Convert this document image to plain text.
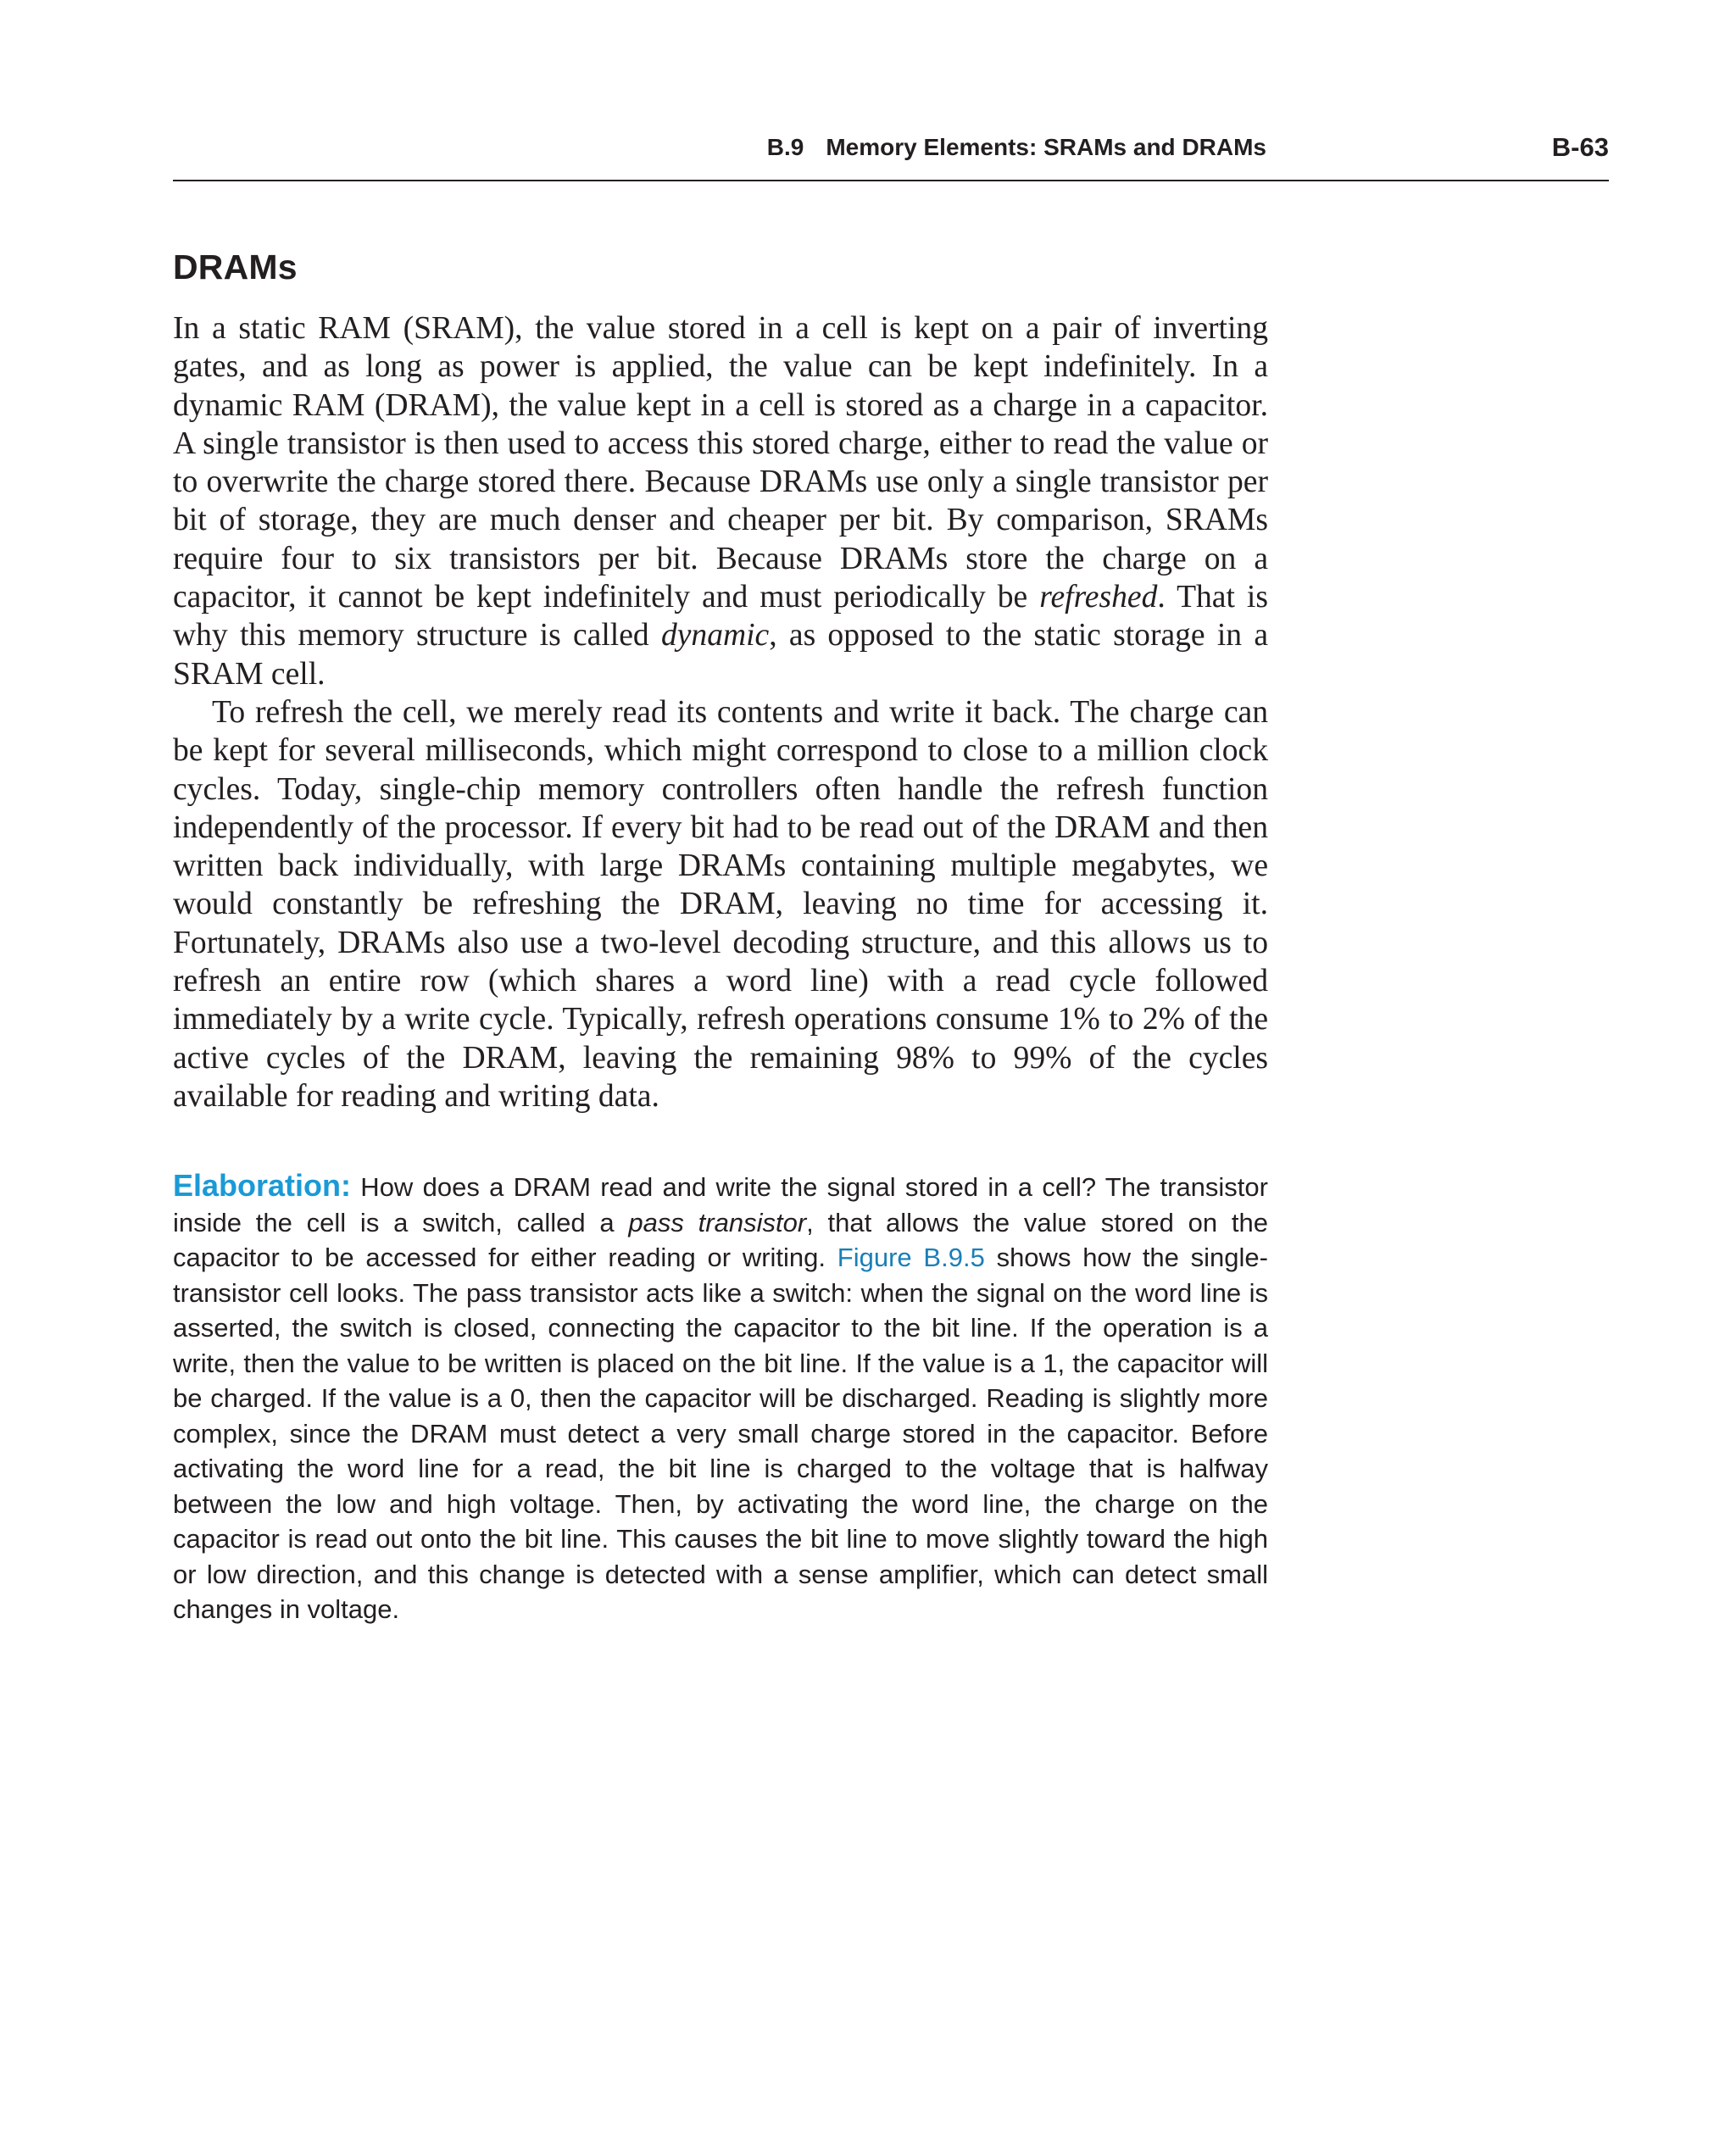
B.9 Memory Elements: SRAMs and DRAMs	B-63
DRAMs

In a static RAM (SRAM), the value stored in a cell is kept on a pair of inverting gates, and as long as power is applied, the value can be kept indefinitely. In a dynamic RAM (DRAM), the value kept in a cell is stored as a charge in a capacitor. A single transistor is then used to access this stored charge, either to read the value or to overwrite the charge stored there. Because DRAMs use only a single transistor per bit of storage, they are much denser and cheaper per bit. By comparison, SRAMs require four to six transistors per bit. Because DRAMs store the charge on a capacitor, it cannot be kept indefinitely and must periodically be refreshed. That is why this memory structure is called dynamic, as opposed to the static storage in a SRAM cell.

To refresh the cell, we merely read its contents and write it back. The charge can be kept for several milliseconds, which might correspond to close to a million clock cycles. Today, single-chip memory controllers often handle the refresh function independently of the processor. If every bit had to be read out of the DRAM and then written back individually, with large DRAMs containing multiple megabytes, we would constantly be refreshing the DRAM, leaving no time for accessing it. Fortunately, DRAMs also use a two-level decoding structure, and this allows us to refresh an entire row (which shares a word line) with a read cycle followed immediately by a write cycle. Typically, refresh operations consume 1% to 2% of the active cycles of the DRAM, leaving the remaining 98% to 99% of the cycles available for reading and writing data.

Elaboration: How does a DRAM read and write the signal stored in a cell? The transistor inside the cell is a switch, called a pass transistor, that allows the value stored on the capacitor to be accessed for either reading or writing. Figure B.9.5 shows how the single-transistor cell looks. The pass transistor acts like a switch: when the signal on the word line is asserted, the switch is closed, connecting the capacitor to the bit line. If the operation is a write, then the value to be written is placed on the bit line. If the value is a 1, the capacitor will be charged. If the value is a 0, then the capacitor will be discharged. Reading is slightly more complex, since the DRAM must detect a very small charge stored in the capacitor. Before activating the word line for a read, the bit line is charged to the voltage that is halfway between the low and high voltage. Then, by activating the word line, the charge on the capacitor is read out onto the bit line. This causes the bit line to move slightly toward the high or low direction, and this change is detected with a sense amplifier, which can detect small changes in voltage.
